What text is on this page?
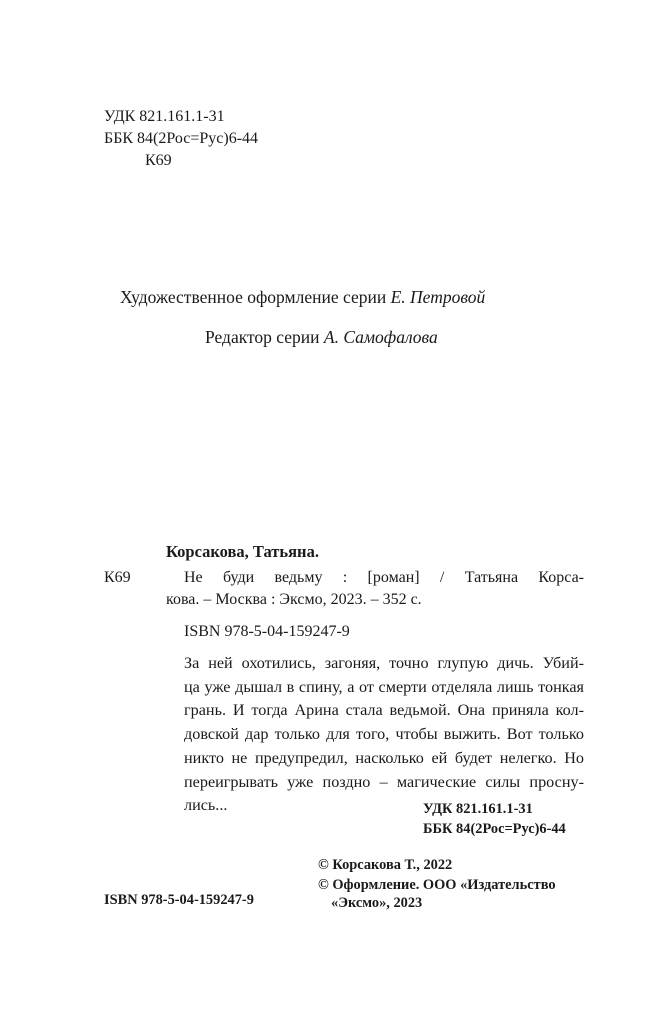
УДК 821.161.1-31
ББК 84(2Рос=Рус)6-44
К69
Художественное оформление серии Е. Петровой
Редактор серии А. Самофалова
Корсакова, Татьяна.
К69	Не буди ведьму : [роман] / Татьяна Корса-
кова. – Москва : Эксмо, 2023. – 352 с.
ISBN 978-5-04-159247-9
За ней охотились, загоняя, точно глупую дичь. Убий-
ца уже дышал в спину, а от смерти отделяла лишь тонкая
грань. И тогда Арина стала ведьмой. Она приняла кол-
довской дар только для того, чтобы выжить. Вот только
никто не предупредил, насколько ей будет нелегко. Но
переигрывать уже поздно – магические силы просну-
лись...	УДК 821.161.1-31
ББК 84(2Рос=Рус)6-44
© Корсакова Т., 2022
© Оформление. ООО «Издательство
«Эксмо», 2023
ISBN 978-5-04-159247-9
